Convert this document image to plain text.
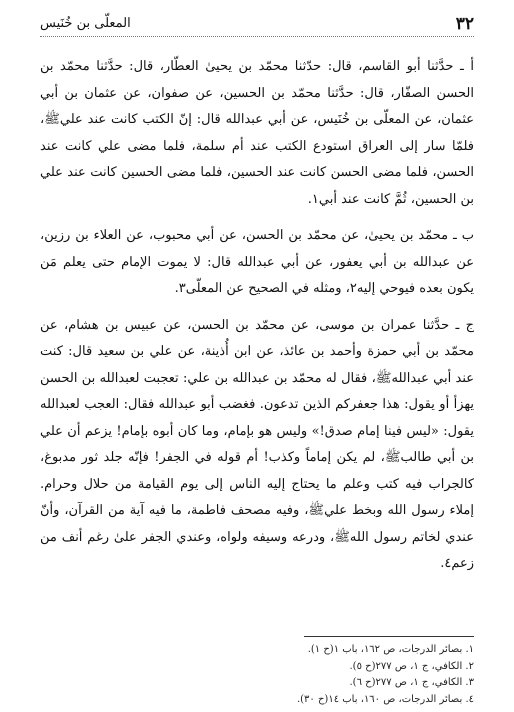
٣٢
المعلّى بن خُنَيس

أ ـ حدَّثنا أبو القاسم، قال: حدّثنا محمّد بن يحيىٰ العطّار، قال: حدَّثنا محمّد بن الحسن الصفّار، قال: حدَّثنا محمّد بن الحسين، عن صفوان، عن عثمان بن أبي عثمان، عن المعلّى بن خُنَيس، عن أبي عبدالله قال: إنّ الكتب كانت عند عليﷺ، فلمّا سار إلى العراق استودع الكتب عند أم سلمة، فلما مضى علي كانت عند الحسن، فلما مضى الحسن كانت عند الحسين، فلما مضى الحسين كانت عند علي بن الحسين، ثُمَّ كانت عند أبي١.

ب ـ محمّد بن يحيىٰ، عن محمّد بن الحسن، عن أبي محبوب، عن العلاء بن رزين، عن عبدالله بن أبي يعفور، عن أبي عبدالله قال: لا يموت الإمام حتى يعلم مَن يكون بعده فيوحي إليه٢، ومثله في الصحيح عن المعلّى٣.

ج ـ حدَّثنا عمران بن موسى، عن محمّد بن الحسن، عن عبيس بن هشام، عن محمّد بن أبي حمزة وأحمد بن عائذ، عن ابن أُذينة، عن علي بن سعيد قال: كنت عند أبي عبداللهﷺ، فقال له محمّد بن عبدالله بن علي: تعجبت لعبدالله بن الحسن يهزأ أو يقول: هذا جعفركم الذين تدعون. فغضب أبو عبدالله فقال: العجب لعبدالله يقول: «ليس فينا إمام صدق!» وليس هو بإمام، وما كان أبوه بإمام! يزعم أن علي بن أبي طالبﷺ، لم يكن إماماً وكذب! أم قوله في الجفر! فإنّه جلد ثور مدبوغ، كالجراب فيه كتب وعلم ما يحتاج إليه الناس إلى يوم القيامة من حلال وحرام. إملاء رسول الله وبخط عليﷺ، وفيه مصحف فاطمة، ما فيه آية من القرآن، وأنّ عندي لخاتم رسول اللهﷺ، ودرعه وسيفه ولواه، وعندي الجفر علىٰ رغم أنف من زعم٤.

١. بصائر الدرجات، ص ١٦٢، باب ١(ح ١).
٢. الكافي، ج ١، ص ٢٧٧(ح ٥).
٣. الكافي، ج ١، ص ٢٧٧(ح ٦).
٤. بصائر الدرجات، ص ١٦٠، باب ١٤(ح ٣٠).
